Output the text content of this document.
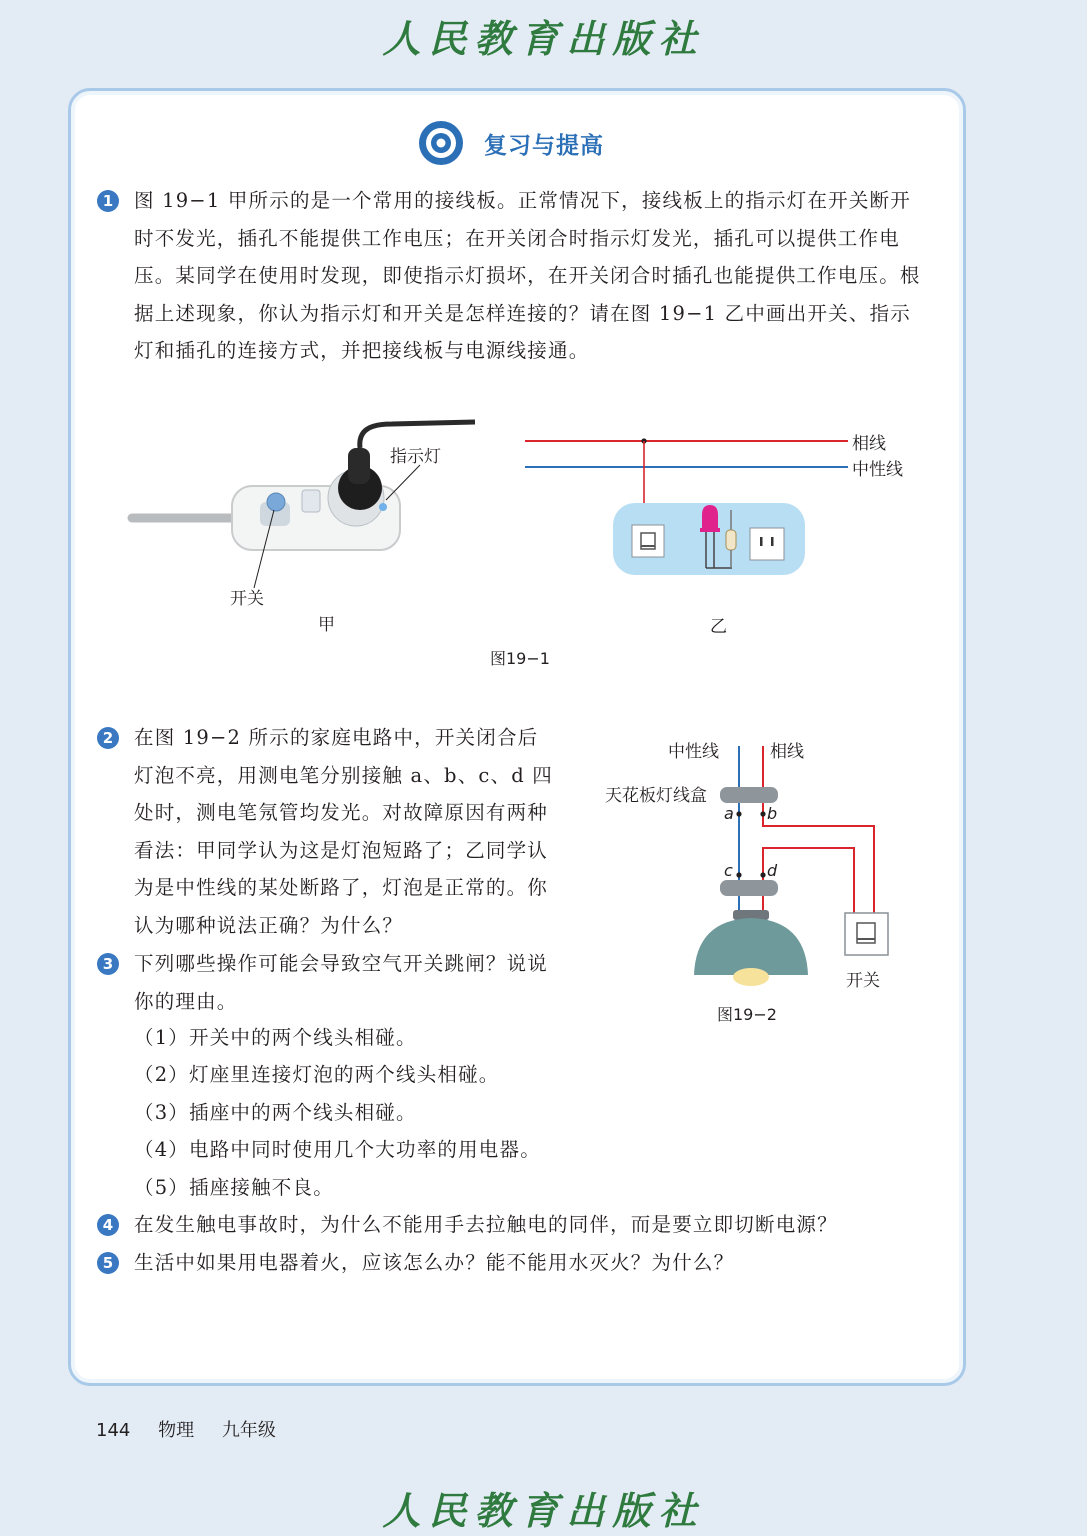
人民教育出版社
复习与提高
1 图 19−1 甲所示的是一个常用的接线板。正常情况下，接线板上的指示灯在开关断开时不发光，插孔不能提供工作电压；在开关闭合时指示灯发光，插孔可以提供工作电压。某同学在使用时发现，即使指示灯损坏，在开关闭合时插孔也能提供工作电压。根据上述现象，你认为指示灯和开关是怎样连接的？请在图 19−1 乙中画出开关、指示灯和插孔的连接方式，并把接线板与电源线接通。
指示灯
开关
甲
相线
中性线
乙
图19−1
2 在图 19−2 所示的家庭电路中，开关闭合后灯泡不亮，用测电笔分别接触 a、b、c、d 四处时，测电笔氖管均发光。对故障原因有两种看法：甲同学认为这是灯泡短路了；乙同学认为是中性线的某处断路了，灯泡是正常的。你认为哪种说法正确？为什么？
中性线	相线
天花板灯线盒
a b
c d
开关
图19−2
3 下列哪些操作可能会导致空气开关跳闸？说说你的理由。
（1）开关中的两个线头相碰。
（2）灯座里连接灯泡的两个线头相碰。
（3）插座中的两个线头相碰。
（4）电路中同时使用几个大功率的用电器。
（5）插座接触不良。
4 在发生触电事故时，为什么不能用手去拉触电的同伴，而是要立即切断电源？
5 生活中如果用电器着火，应该怎么办？能不能用水灭火？为什么？
144 物理 九年级
人民教育出版社
